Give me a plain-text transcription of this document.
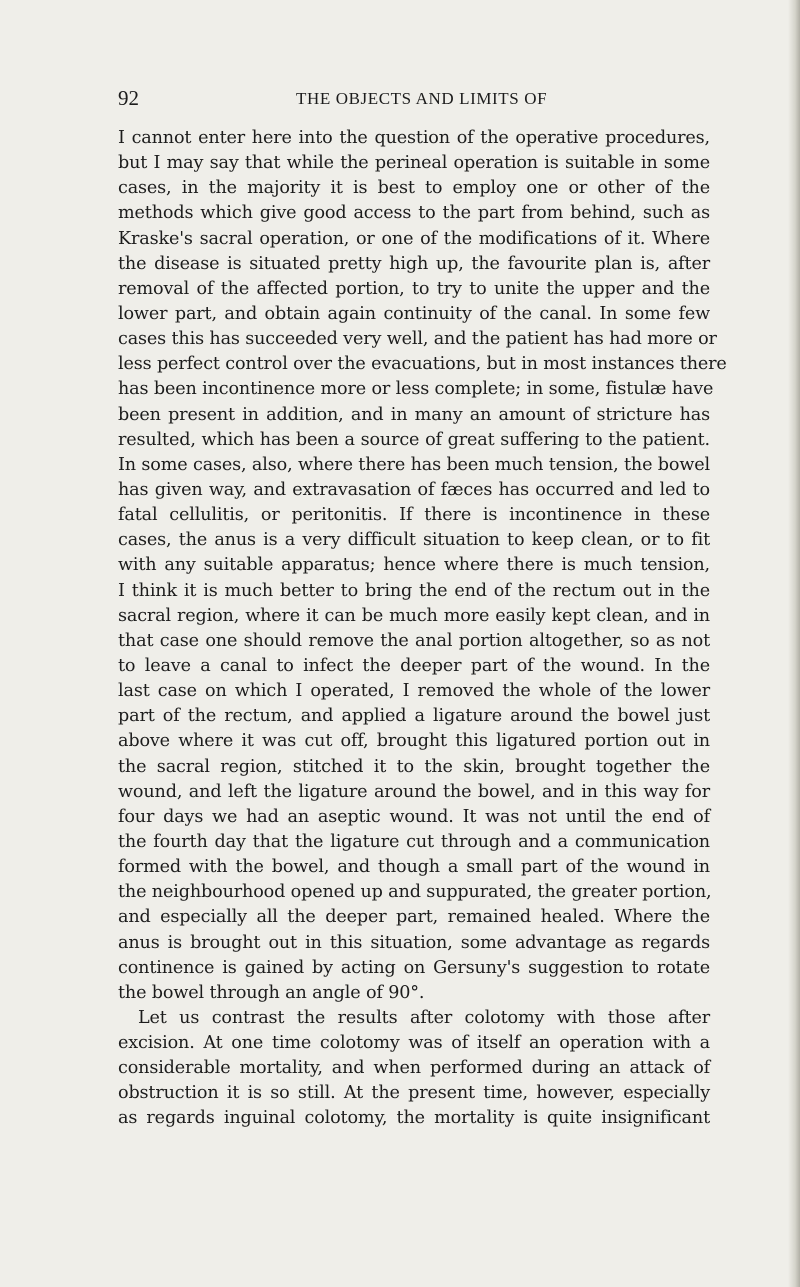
92	THE OBJECTS AND LIMITS OF
I cannot enter here into the question of the operative procedures,
but I may say that while the perineal operation is suitable in some
cases, in the majority it is best to employ one or other of the
methods which give good access to the part from behind, such as
Kraske's sacral operation, or one of the modifications of it. Where
the disease is situated pretty high up, the favourite plan is, after
removal of the affected portion, to try to unite the upper and the
lower part, and obtain again continuity of the canal. In some few
cases this has succeeded very well, and the patient has had more or
less perfect control over the evacuations, but in most instances there
has been incontinence more or less complete; in some, fistulæ have
been present in addition, and in many an amount of stricture has
resulted, which has been a source of great suffering to the patient.
In some cases, also, where there has been much tension, the bowel
has given way, and extravasation of fæces has occurred and led to
fatal cellulitis, or peritonitis. If there is incontinence in these
cases, the anus is a very difficult situation to keep clean, or to fit
with any suitable apparatus; hence where there is much tension,
I think it is much better to bring the end of the rectum out in the
sacral region, where it can be much more easily kept clean, and in
that case one should remove the anal portion altogether, so as not
to leave a canal to infect the deeper part of the wound. In the
last case on which I operated, I removed the whole of the lower
part of the rectum, and applied a ligature around the bowel just
above where it was cut off, brought this ligatured portion out in
the sacral region, stitched it to the skin, brought together the
wound, and left the ligature around the bowel, and in this way for
four days we had an aseptic wound. It was not until the end of
the fourth day that the ligature cut through and a communication
formed with the bowel, and though a small part of the wound in
the neighbourhood opened up and suppurated, the greater portion,
and especially all the deeper part, remained healed. Where the
anus is brought out in this situation, some advantage as regards
continence is gained by acting on Gersuny's suggestion to rotate
the bowel through an angle of 90°.
Let us contrast the results after colotomy with those after
excision. At one time colotomy was of itself an operation with a
considerable mortality, and when performed during an attack of
obstruction it is so still. At the present time, however, especially
as regards inguinal colotomy, the mortality is quite insignificant
